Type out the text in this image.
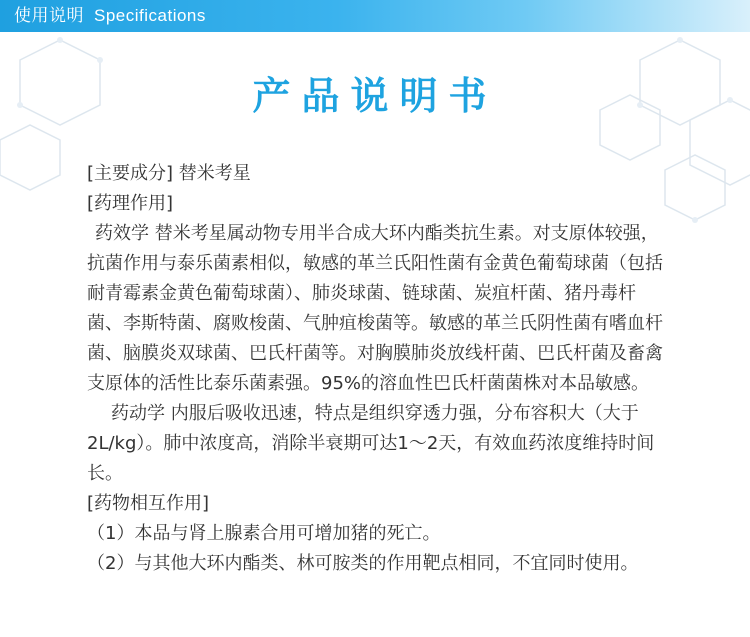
使用说明 Specifications
产品说明书

[主要成分] 替米考星

[药理作用]

药效学 替米考星属动物专用半合成大环内酯类抗生素。对支原体较强，抗菌作用与泰乐菌素相似，敏感的革兰氏阳性菌有金黄色葡萄球菌（包括耐青霉素金黄色葡萄球菌）、肺炎球菌、链球菌、炭疽杆菌、猪丹毒杆菌、李斯特菌、腐败梭菌、气肿疽梭菌等。敏感的革兰氏阴性菌有嗜血杆菌、脑膜炎双球菌、巴氏杆菌等。对胸膜肺炎放线杆菌、巴氏杆菌及畜禽支原体的活性比泰乐菌素强。95%的溶血性巴氏杆菌菌株对本品敏感。

药动学 内服后吸收迅速，特点是组织穿透力强，分布容积大（大于2L/kg）。肺中浓度高，消除半衰期可达1～2天，有效血药浓度维持时间长。

[药物相互作用]

（1）本品与肾上腺素合用可增加猪的死亡。

（2）与其他大环内酯类、林可胺类的作用靶点相同，不宜同时使用。
